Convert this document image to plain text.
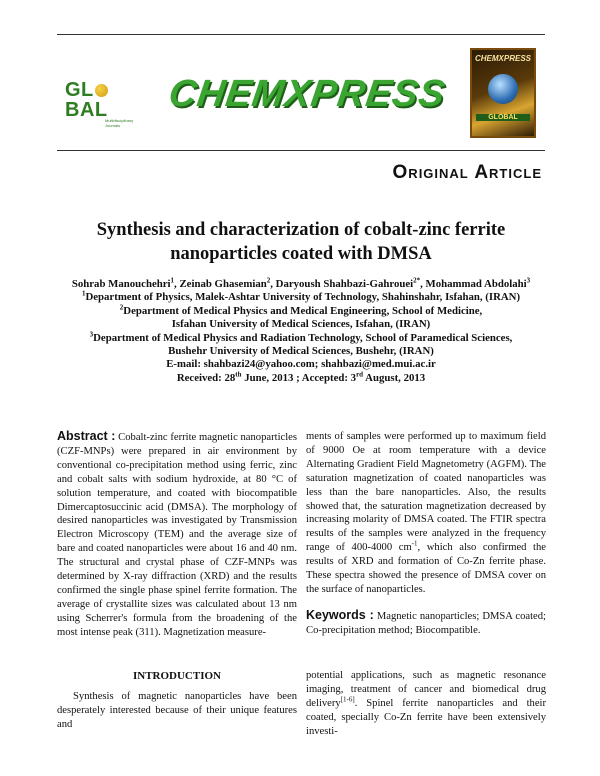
GLBAL
Multidisciplinary Journals
CHEMXPRESS
CHEMXPRESS
GLOBAL
Original Article
Synthesis and characterization of cobalt-zinc ferrite
nanoparticles coated with DMSA
Sohrab Manouchehri$^1$, Zeinab Ghasemian$^2$, Daryoush Shahbazi-Gahrouei$^{2*}$, Mohammad Abdolahi$^3$
$^1$Department of Physics, Malek-Ashtar University of Technology, Shahinshahr, Isfahan, (IRAN)
$^2$Department of Medical Physics and Medical Engineering, School of Medicine,
Isfahan University of Medical Sciences, Isfahan, (IRAN)
$^3$Department of Medical Physics and Radiation Technology, School of Paramedical Sciences,
Bushehr University of Medical Sciences, Bushehr, (IRAN)
E-mail: shahbazi24@yahoo.com; shahbazi@med.mui.ac.ir
Received: 28th June, 2013 ; Accepted: 3rd August, 2013
Abstract : Cobalt-zinc ferrite magnetic nanoparticles (CZF-MNPs) were prepared in air environment by conventional co-precipitation method using ferric, zinc and cobalt salts with sodium hydroxide, at 80 °C of solution temperature, and coated with biocompatible Dimercaptosuccinic acid (DMSA). The morphology of desired nanoparticles was investigated by Transmission Electron Microscopy (TEM) and the average size of bare and coated nanoparticles were about 16 and 40 nm. The structural and crystal phase of CZF-MNPs was determined by X-ray diffraction (XRD) and the results confirmed the single phase spinel ferrite formation. The average of crystallite sizes was calculated about 13 nm using Scherrer's formula from the broadening of the most intense peak (311). Magnetization measure-
ments of samples were performed up to maximum field of 9000 Oe at room temperature with a device Alternating Gradient Field Magnetometry (AGFM). The saturation magnetization of coated nanoparticles was less than the bare nanoparticles. Also, the results showed that, the saturation magnetization decreased by increasing molarity of DMSA coated. The FTIR spectra results of the samples were analyzed in the frequency range of 400-4000 $cm^{-1}$, which also confirmed the results of XRD and formation of Co-Zn ferrite phase. These spectra showed the presence of DMSA cover on the surface of nanoparticles.
Keywords : Magnetic nanoparticles; DMSA coated; Co-precipitation method; Biocompatible.
INTRODUCTION
Synthesis of magnetic nanoparticles have been desperately interested because of their unique features and
potential applications, such as magnetic resonance imaging, treatment of cancer and biomedical drug delivery[1-6]. Spinel ferrite nanoparticles and their coated, specially Co-Zn ferrite have been extensively investi-
